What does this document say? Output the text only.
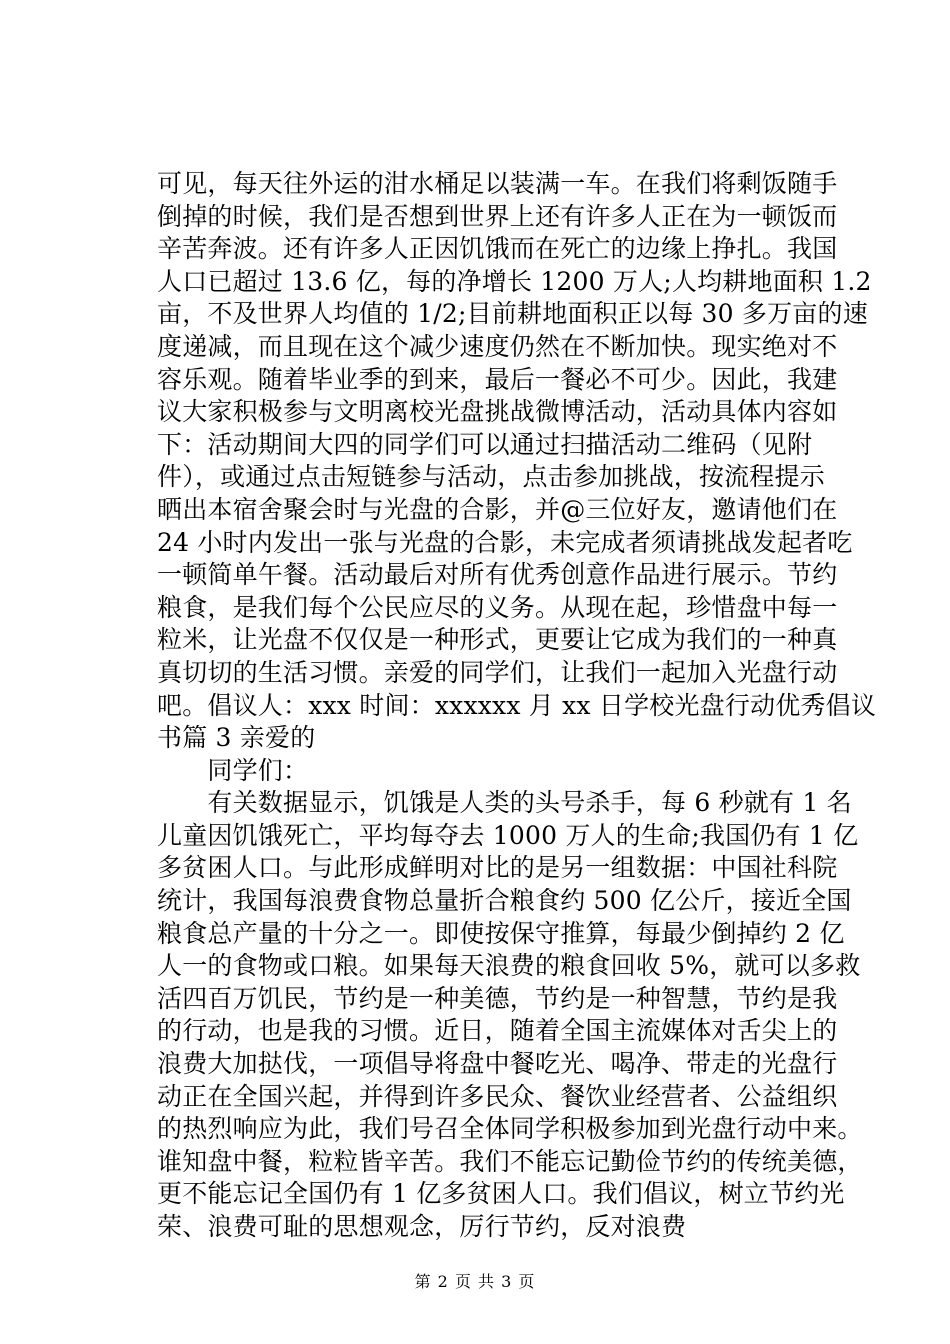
可见，每天往外运的泔水桶足以装满一车。在我们将剩饭随手
倒掉的时候，我们是否想到世界上还有许多人正在为一顿饭而
辛苦奔波。还有许多人正因饥饿而在死亡的边缘上挣扎。我国
人口已超过 13.6 亿，每的净增长 1200 万人;人均耕地面积 1.2
亩，不及世界人均值的 1/2;目前耕地面积正以每 30 多万亩的速
度递减，而且现在这个减少速度仍然在不断加快。现实绝对不
容乐观。随着毕业季的到来，最后一餐必不可少。因此，我建
议大家积极参与文明离校光盘挑战微博活动，活动具体内容如
下：活动期间大四的同学们可以通过扫描活动二维码（见附
件），或通过点击短链参与活动，点击参加挑战，按流程提示
晒出本宿舍聚会时与光盘的合影，并@三位好友，邀请他们在
24 小时内发出一张与光盘的合影，未完成者须请挑战发起者吃
一顿简单午餐。活动最后对所有优秀创意作品进行展示。节约
粮食，是我们每个公民应尽的义务。从现在起，珍惜盘中每一
粒米，让光盘不仅仅是一种形式，更要让它成为我们的一种真
真切切的生活习惯。亲爱的同学们，让我们一起加入光盘行动
吧。倡议人：xxx 时间：xxxxxx 月 xx 日学校光盘行动优秀倡议
书篇 3 亲爱的
　　同学们：
　　有关数据显示，饥饿是人类的头号杀手，每 6 秒就有 1 名
儿童因饥饿死亡，平均每夺去 1000 万人的生命;我国仍有 1 亿
多贫困人口。与此形成鲜明对比的是另一组数据：中国社科院
统计，我国每浪费食物总量折合粮食约 500 亿公斤，接近全国
粮食总产量的十分之一。即使按保守推算，每最少倒掉约 2 亿
人一的食物或口粮。如果每天浪费的粮食回收 5%，就可以多救
活四百万饥民，节约是一种美德，节约是一种智慧，节约是我
的行动，也是我的习惯。近日，随着全国主流媒体对舌尖上的
浪费大加挞伐，一项倡导将盘中餐吃光、喝净、带走的光盘行
动正在全国兴起，并得到许多民众、餐饮业经营者、公益组织
的热烈响应为此，我们号召全体同学积极参加到光盘行动中来。
谁知盘中餐，粒粒皆辛苦。我们不能忘记勤俭节约的传统美德，
更不能忘记全国仍有 1 亿多贫困人口。我们倡议，树立节约光
荣、浪费可耻的思想观念，厉行节约，反对浪费
第 2 页 共 3 页
